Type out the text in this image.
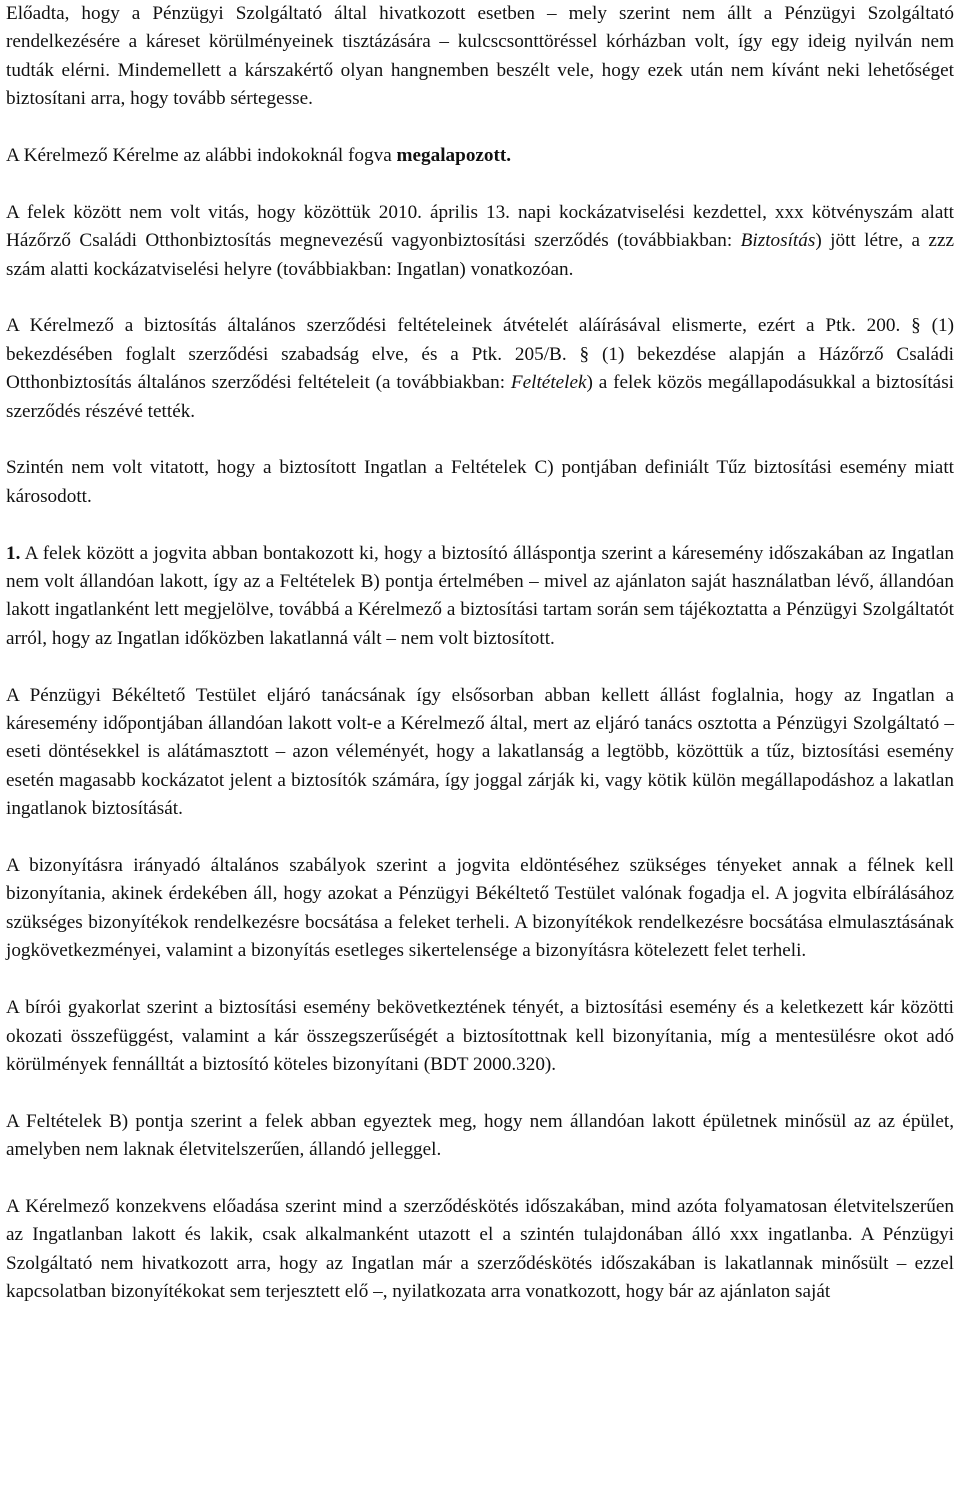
Előadta, hogy a Pénzügyi Szolgáltató által hivatkozott esetben – mely szerint nem állt a Pénzügyi Szolgáltató rendelkezésére a káreset körülményeinek tisztázására – kulcscsonttöréssel kórházban volt, így egy ideig nyilván nem tudták elérni. Mindemellett a kárszakértő olyan hangnemben beszélt vele, hogy ezek után nem kívánt neki lehetőséget biztosítani arra, hogy tovább sértegesse.

A Kérelmező Kérelme az alábbi indokoknál fogva megalapozott.

A felek között nem volt vitás, hogy közöttük 2010. április 13. napi kockázatviselési kezdettel, xxx kötvényszám alatt Házőrző Családi Otthonbiztosítás megnevezésű vagyonbiztosítási szerződés (továbbiakban: Biztosítás) jött létre, a zzz szám alatti kockázatviselési helyre (továbbiakban: Ingatlan) vonatkozóan.

A Kérelmező a biztosítás általános szerződési feltételeinek átvételét aláírásával elismerte, ezért a Ptk. 200. § (1) bekezdésében foglalt szerződési szabadság elve, és a Ptk. 205/B. § (1) bekezdése alapján a Házőrző Családi Otthonbiztosítás általános szerződési feltételeit (a továbbiakban: Feltételek) a felek közös megállapodásukkal a biztosítási szerződés részévé tették.

Szintén nem volt vitatott, hogy a biztosított Ingatlan a Feltételek C) pontjában definiált Tűz biztosítási esemény miatt károsodott.

1. A felek között a jogvita abban bontakozott ki, hogy a biztosító álláspontja szerint a káresemény időszakában az Ingatlan nem volt állandóan lakott, így az a Feltételek B) pontja értelmében – mivel az ajánlaton saját használatban lévő, állandóan lakott ingatlanként lett megjelölve, továbbá a Kérelmező a biztosítási tartam során sem tájékoztatta a Pénzügyi Szolgáltatót arról, hogy az Ingatlan időközben lakatlanná vált – nem volt biztosított.

A Pénzügyi Békéltető Testület eljáró tanácsának így elsősorban abban kellett állást foglalnia, hogy az Ingatlan a káresemény időpontjában állandóan lakott volt-e a Kérelmező által, mert az eljáró tanács osztotta a Pénzügyi Szolgáltató – eseti döntésekkel is alátámasztott – azon véleményét, hogy a lakatlanság a legtöbb, közöttük a tűz, biztosítási esemény esetén magasabb kockázatot jelent a biztosítók számára, így joggal zárják ki, vagy kötik külön megállapodáshoz a lakatlan ingatlanok biztosítását.

A bizonyításra irányadó általános szabályok szerint a jogvita eldöntéséhez szükséges tényeket annak a félnek kell bizonyítania, akinek érdekében áll, hogy azokat a Pénzügyi Békéltető Testület valónak fogadja el. A jogvita elbírálásához szükséges bizonyítékok rendelkezésre bocsátása a feleket terheli. A bizonyítékok rendelkezésre bocsátása elmulasztásának jogkövetkezményei, valamint a bizonyítás esetleges sikertelensége a bizonyításra kötelezett felet terheli.

A bírói gyakorlat szerint a biztosítási esemény bekövetkeztének tényét, a biztosítási esemény és a keletkezett kár közötti okozati összefüggést, valamint a kár összegszerűségét a biztosítottnak kell bizonyítania, míg a mentesülésre okot adó körülmények fennálltát a biztosító köteles bizonyítani (BDT 2000.320).

A Feltételek B) pontja szerint a felek abban egyeztek meg, hogy nem állandóan lakott épületnek minősül az az épület, amelyben nem laknak életvitelszerűen, állandó jelleggel.

A Kérelmező konzekvens előadása szerint mind a szerződéskötés időszakában, mind azóta folyamatosan életvitelszerűen az Ingatlanban lakott és lakik, csak alkalmanként utazott el a szintén tulajdonában álló xxx ingatlanba. A Pénzügyi Szolgáltató nem hivatkozott arra, hogy az Ingatlan már a szerződéskötés időszakában is lakatlannak minősült – ezzel kapcsolatban bizonyítékokat sem terjesztett elő –, nyilatkozata arra vonatkozott, hogy bár az ajánlaton saját
